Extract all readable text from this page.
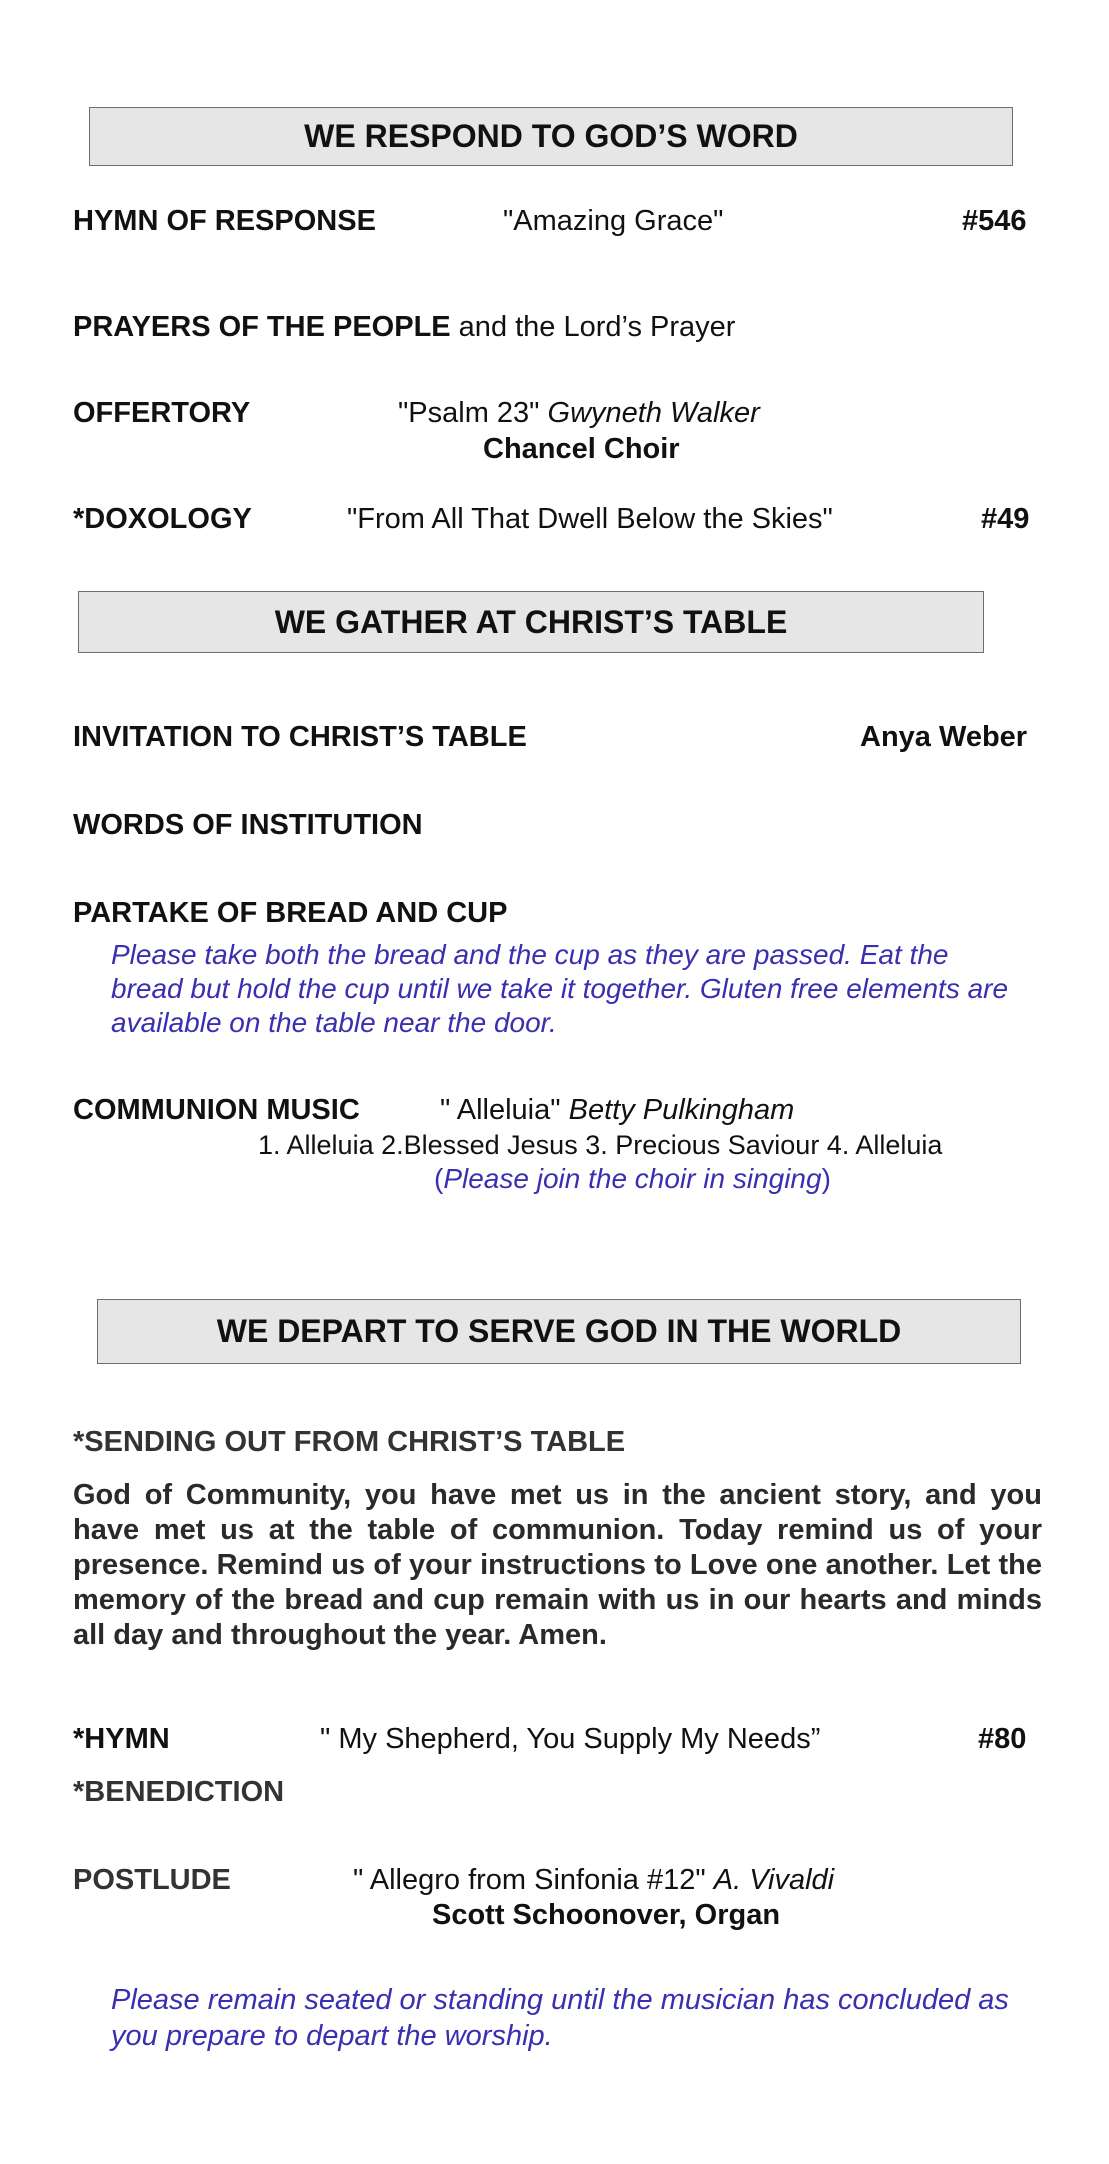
WE RESPOND TO GOD’S WORD
HYMN OF RESPONSE	"Amazing Grace"	#546
PRAYERS OF THE PEOPLE and the Lord’s Prayer
OFFERTORY	"Psalm 23" Gwyneth Walker
Chancel Choir
*DOXOLOGY	"From All That Dwell Below the Skies"	#49
WE GATHER AT CHRIST’S TABLE
INVITATION TO CHRIST’S TABLE	Anya Weber
WORDS OF INSTITUTION
PARTAKE OF BREAD AND CUP
Please take both the bread and the cup as they are passed. Eat the bread but hold the cup until we take it together. Gluten free elements are available on the table near the door.
COMMUNION MUSIC	" Alleluia" Betty Pulkingham
1. Alleluia 2.Blessed Jesus 3. Precious Saviour 4. Alleluia
(Please join the choir in singing)
WE DEPART TO SERVE GOD IN THE WORLD
*SENDING OUT FROM CHRIST’S TABLE
God of Community, you have met us in the ancient story, and you have met us at the table of communion. Today remind us of your presence. Remind us of your instructions to Love one another. Let the memory of the bread and cup remain with us in our hearts and minds all day and throughout the year. Amen.
*HYMN	" My Shepherd, You Supply My Needs”	#80
*BENEDICTION
POSTLUDE	" Allegro from Sinfonia #12" A. Vivaldi
Scott Schoonover, Organ
Please remain seated or standing until the musician has concluded as you prepare to depart the worship.
